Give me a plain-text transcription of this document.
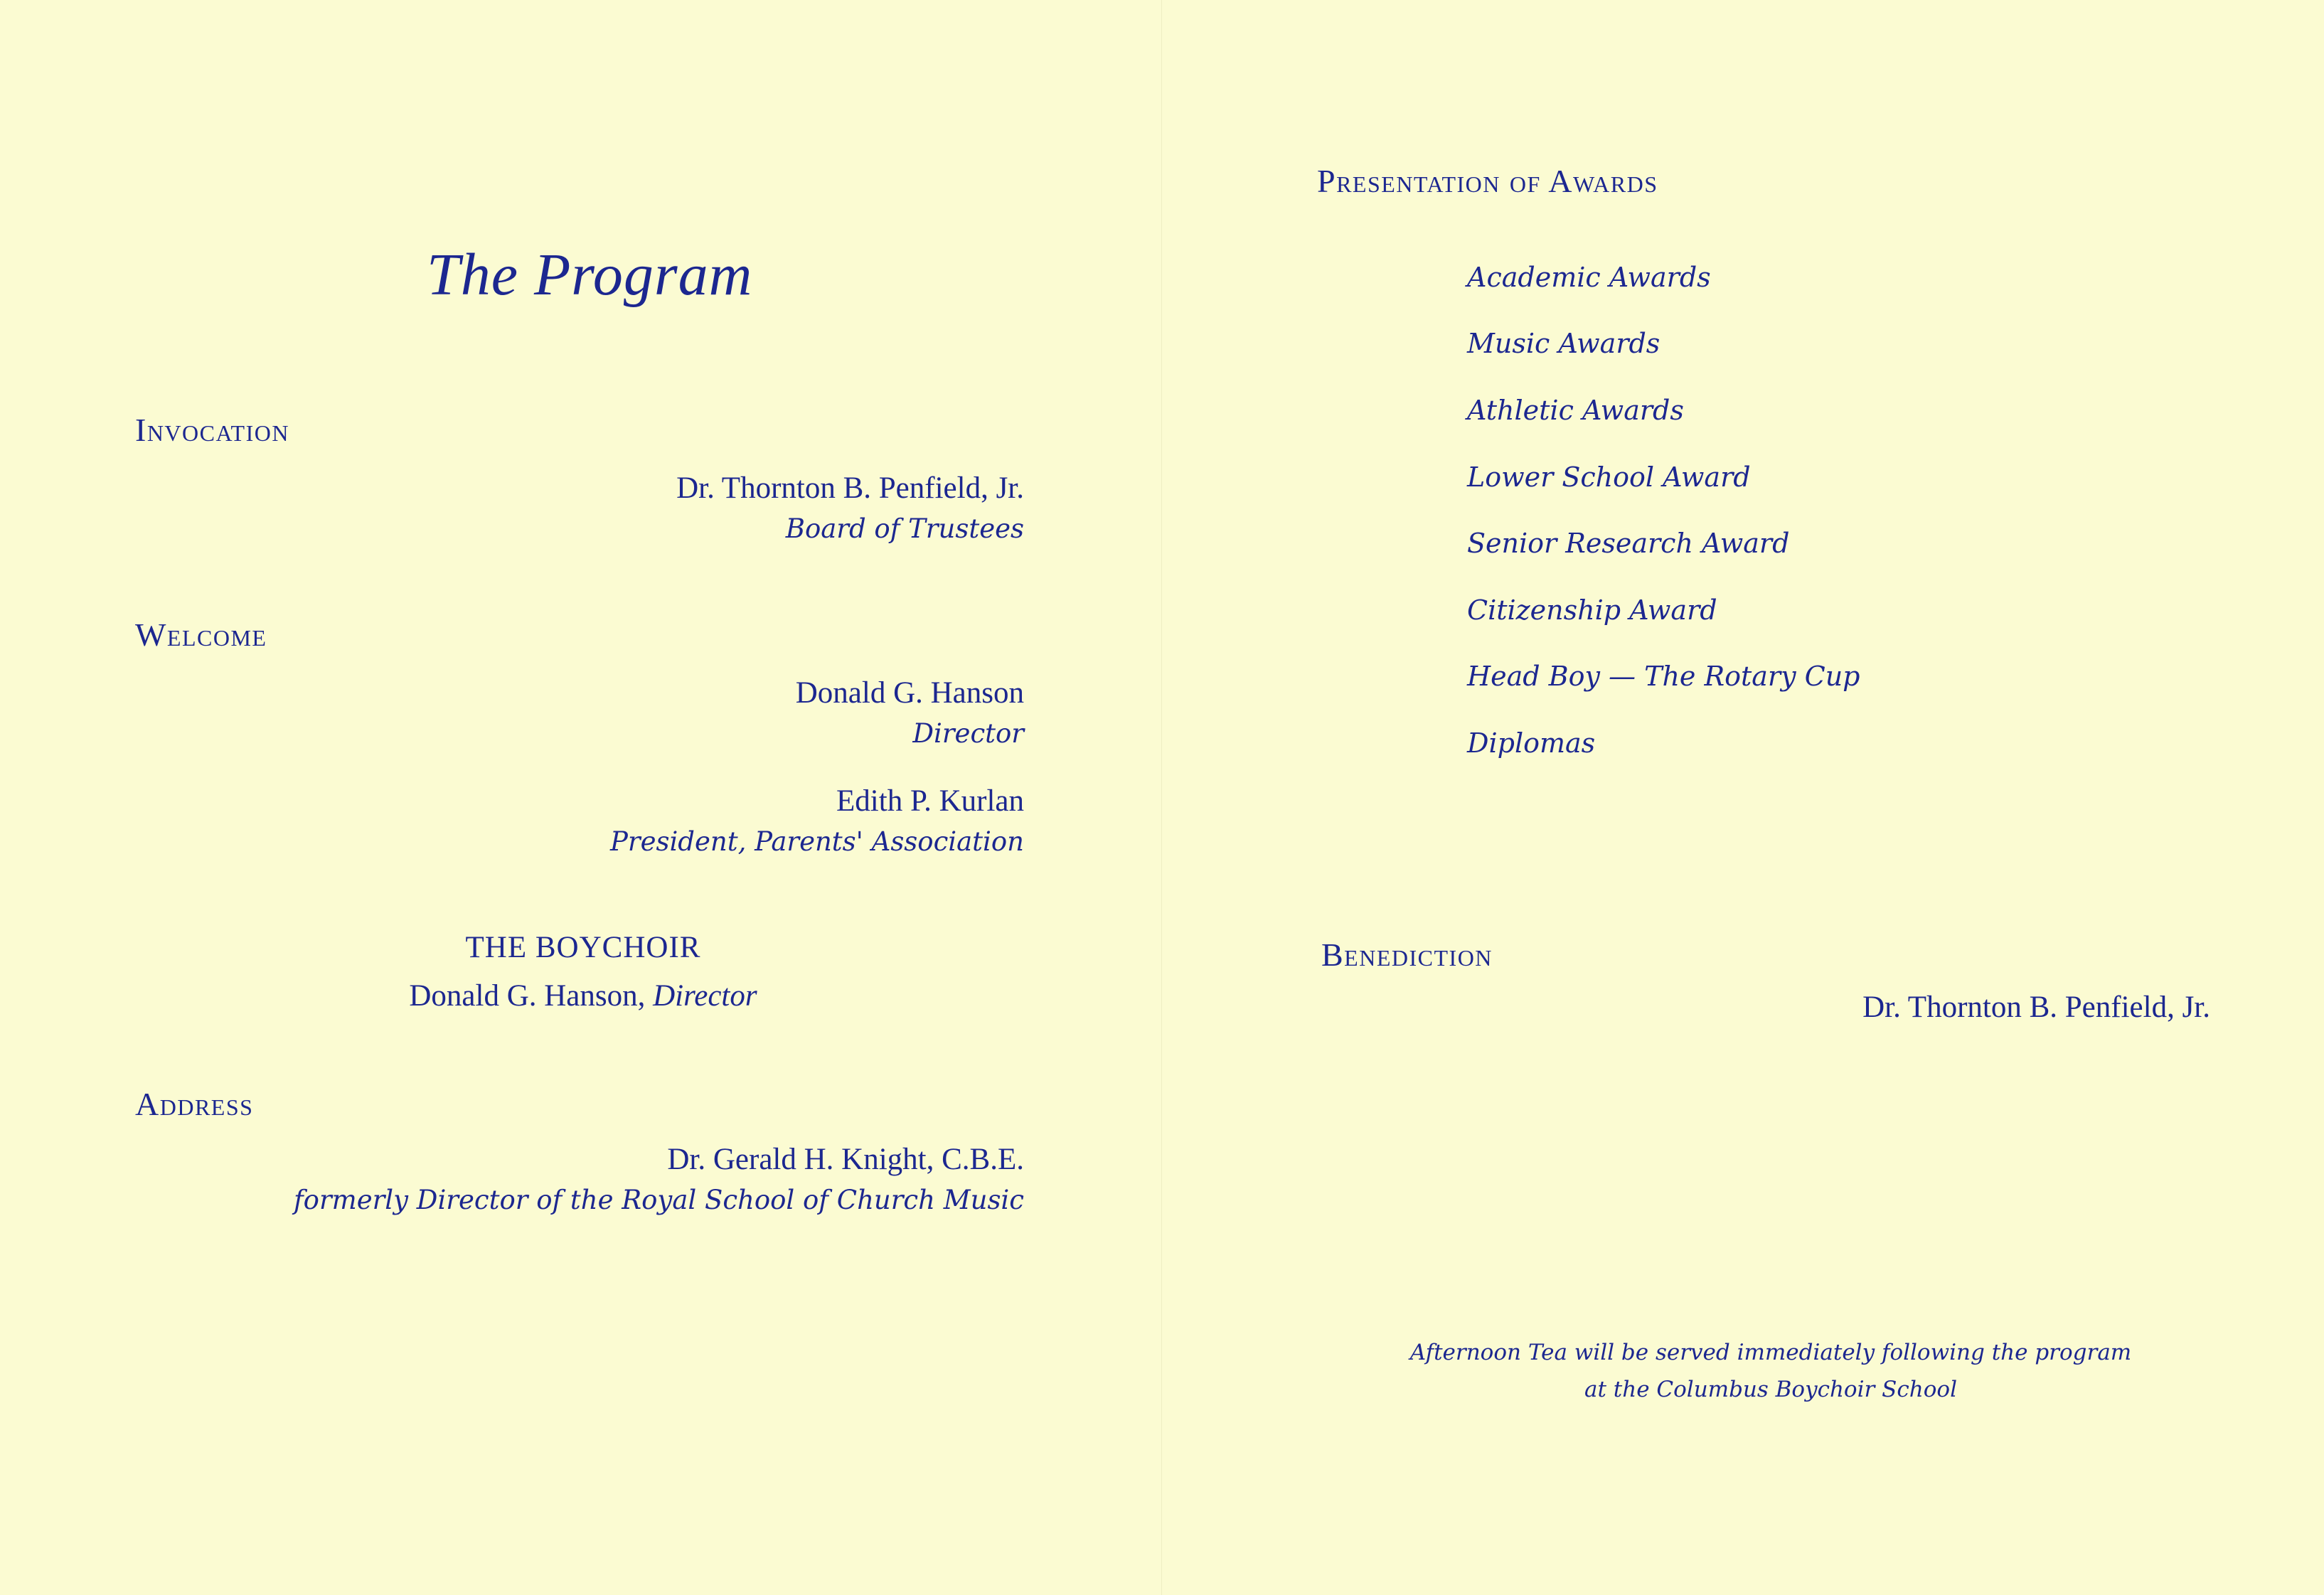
The Program
Invocation
Dr. Thornton B. Penfield, Jr.
Board of Trustees
Welcome
Donald G. Hanson
Director
Edith P. Kurlan
President, Parents' Association
THE BOYCHOIR
Donald G. Hanson, Director
Address
Dr. Gerald H. Knight, C.B.E.
formerly Director of the Royal School of Church Music
Presentation of Awards
Academic Awards
Music Awards
Athletic Awards
Lower School Award
Senior Research Award
Citizenship Award
Head Boy — The Rotary Cup
Diplomas
Benediction
Dr. Thornton B. Penfield, Jr.
Afternoon Tea will be served immediately following the program
at the Columbus Boychoir School
